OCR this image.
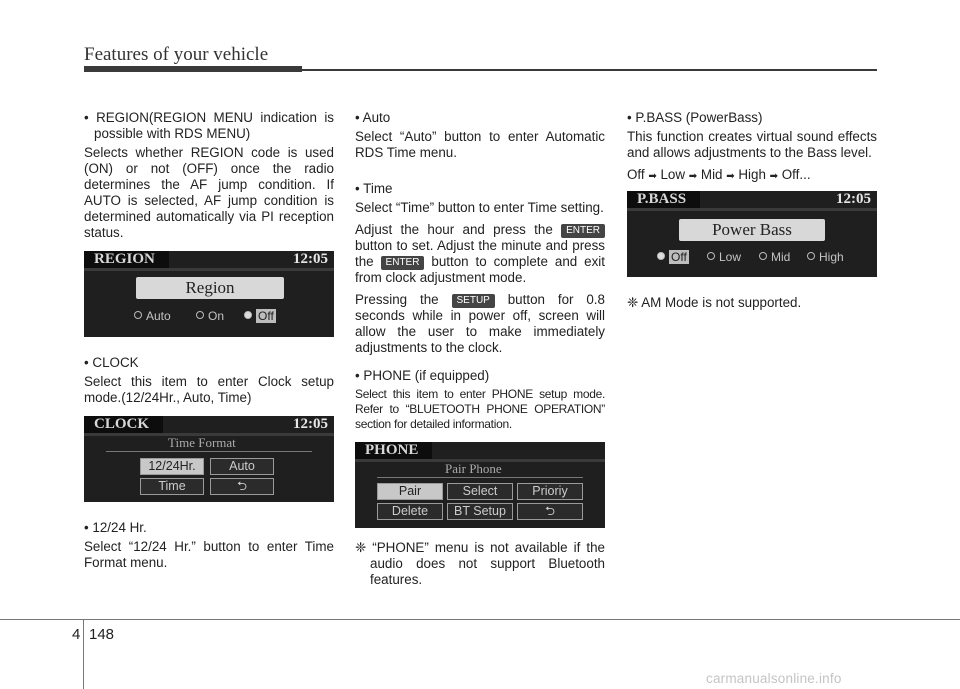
Features of your vehicle

• REGION(REGION MENU indication is possible with RDS MENU)

Selects whether REGION code is used (ON) or not (OFF) once the radio determines the AF jump condition. If AUTO is selected, AF jump condition is determined automatically via PI reception status.

REGION	12:05
Region
Auto	On	Off

• CLOCK

Select this item to enter Clock setup mode.(12/24Hr., Auto, Time)

CLOCK	12:05
Time Format
12/24Hr.	Auto
Time	⮌

• 12/24 Hr.

Select “12/24 Hr.” button to enter Time Format menu.

• Auto

Select “Auto” button to enter Automatic RDS Time menu.

• Time

Select “Time” button to enter Time setting.

Adjust the hour and press the ENTER button to set. Adjust the minute and press the ENTER button to complete and exit from clock adjustment mode.

Pressing the SETUP button for 0.8 seconds while in power off, screen will allow the user to make immediately adjustments to the clock.

• PHONE (if equipped)

Select this item to enter PHONE setup mode. Refer to “BLUETOOTH PHONE OPERATION” section for detailed information.

PHONE
Pair Phone
Pair	Select	Prioriy
Delete	BT Setup	⮌

❈ “PHONE” menu is not available if the audio does not support Bluetooth features.

• P.BASS (PowerBass)

This function creates virtual sound effects and allows adjustments to the Bass level.

Off ➡ Low ➡ Mid ➡ High ➡ Off...

P.BASS	12:05
Power Bass
Off	Low	Mid	High

❈ AM Mode is not supported.

4 148
carmanualsonline.info
